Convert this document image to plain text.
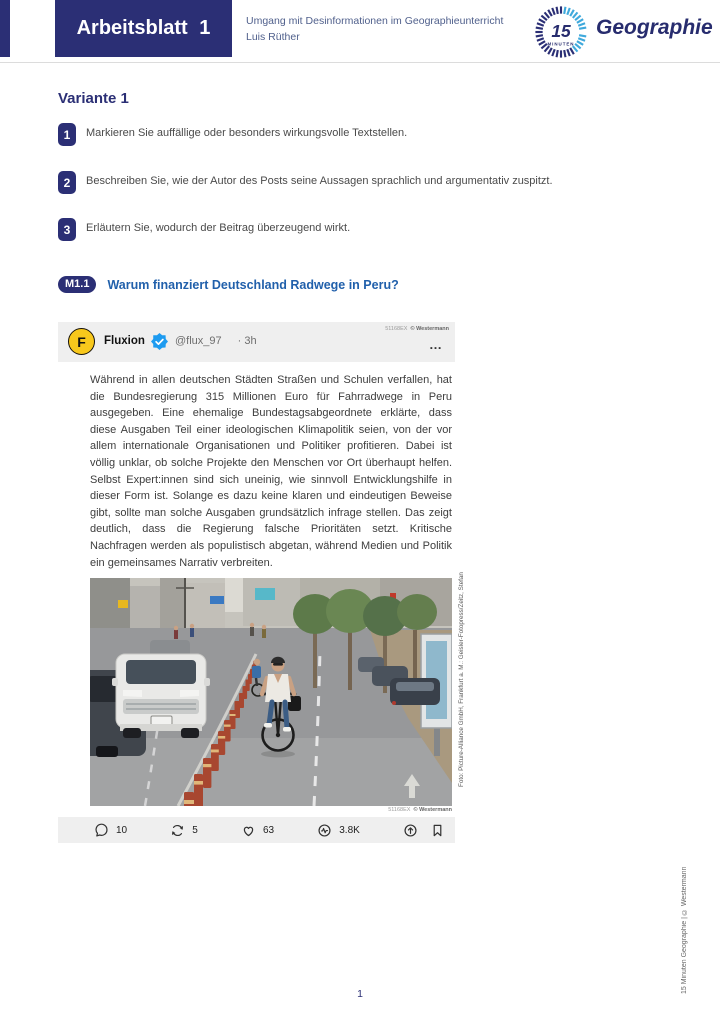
Arbeitsblatt 1	Umgang mit Desinformationen im Geographieunterricht
Luis Rüther	15
MINUTEN
Geographie
Variante 1
1	Markieren Sie auffällige oder besonders wirkungsvolle Textstellen.
2	Beschreiben Sie, wie der Autor des Posts seine Aussagen sprachlich und argumentativ zuspitzt.
3	Erläutern Sie, wodurch der Beitrag überzeugend wirkt.
M1.1	Warum finanziert Deutschland Radwege in Peru?
F Fluxion	@flux_97 · 3h
51168EX © Westermann
…
Während in allen deutschen Städten Straßen und Schulen verfallen, hat die Bundesregierung 315 Millionen Euro für Fahrradwege in Peru ausgegeben. Eine ehemalige Bundestagsabgeordnete erklärte, dass diese Ausgaben Teil einer ideologischen Klimapolitik seien, von der vor allem internationale Organisationen und Politiker profitieren. Dabei ist völlig unklar, ob solche Projekte den Menschen vor Ort überhaupt helfen. Selbst Expert:innen sind sich uneinig, wie sinnvoll Entwicklungshilfe in dieser Form ist. Solange es dazu keine klaren und eindeutigen Beweise gibt, sollte man solche Ausgaben grundsätzlich infrage stellen. Das zeigt deutlich, dass die Regierung falsche Prioritäten setzt. Kritische Nachfragen werden als populistisch abgetan, während Medien und Politik ein gemeinsames Narrativ verbreiten.
51168EX © Westermann
10	5	63	3.8K
Foto: Picture-Alliance GmbH, Frankfurt a. M.: Geisler-Fotopress/Zeitz, Stefan
15 Minuten Geographie | © Westermann
1
